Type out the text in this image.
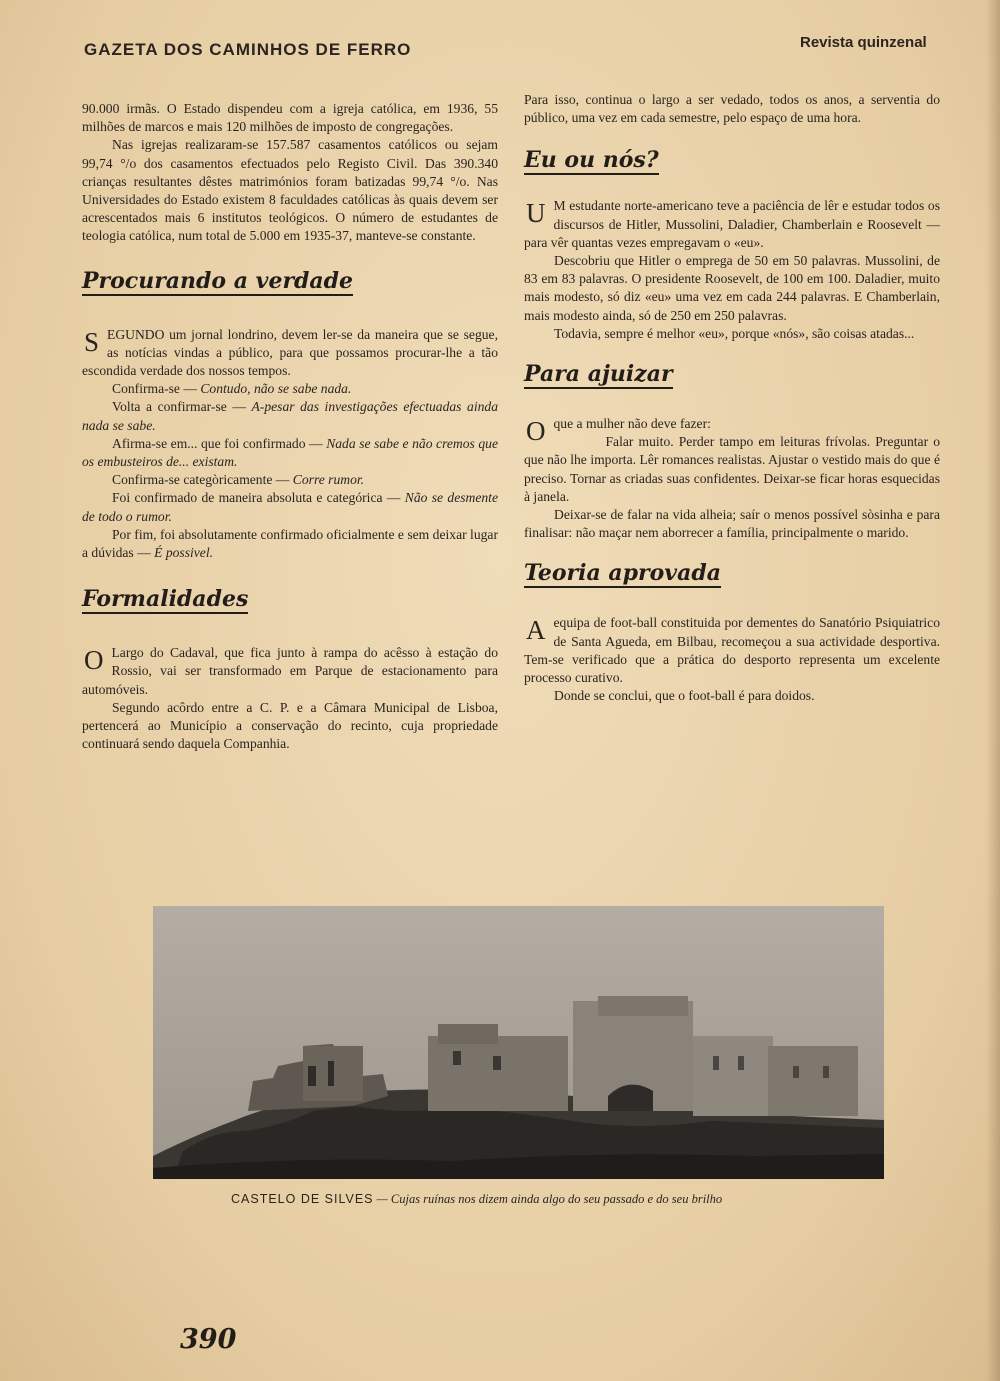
GAZETA DOS CAMINHOS DE FERRO	Revista quinzenal

90.000 irmãs. O Estado dispendeu com a igreja católica, em 1936, 55 milhões de marcos e mais 120 milhões de imposto de congregações.

Nas igrejas realizaram-se 157.587 casamentos católicos ou sejam 99,74 °/o dos casamentos efectuados pelo Registo Civil. Das 390.340 crianças resultantes dêstes matrimónios foram batizadas 99,74 °/o. Nas Universidades do Estado existem 8 faculdades católicas às quais devem ser acrescentados mais 6 institutos teológicos. O número de estudantes de teologia católica, num total de 5.000 em 1935-37, manteve-se constante.

Procurando a verdade

SEGUNDO um jornal londrino, devem ler-se da maneira que se segue, as notícias vindas a público, para que possamos procurar-lhe a tão escondida verdade dos nossos tempos.

Confirma-se — Contudo, não se sabe nada.

Volta a confirmar-se — A-pesar das investigações efectuadas ainda nada se sabe.

Afirma-se em... que foi confirmado — Nada se sabe e não cremos que os embusteiros de... existam.

Confirma-se categòricamente — Corre rumor.

Foi confirmado de maneira absoluta e categórica — Não se desmente de todo o rumor.

Por fim, foi absolutamente confirmado oficialmente e sem deixar lugar a dúvidas — É possivel.

Formalidades

O Largo do Cadaval, que fica junto à rampa do acêsso à estação do Rossio, vai ser transformado em Parque de estacionamento para automóveis.

Segundo acôrdo entre a C. P. e a Câmara Municipal de Lisboa, pertencerá ao Município a conservação do recinto, cuja propriedade continuará sendo daquela Companhia.

Para isso, continua o largo a ser vedado, todos os anos, a serventia do público, uma vez em cada semestre, pelo espaço de uma hora.

Eu ou nós?

U M estudante norte-americano teve a paciência de lêr e estudar todos os discursos de Hitler, Mussolini, Daladier, Chamberlain e Roosevelt — para vêr quantas vezes empregavam o «eu».

Descobriu que Hitler o emprega de 50 em 50 palavras. Mussolini, de 83 em 83 palavras. O presidente Roosevelt, de 100 em 100. Daladier, muito mais modesto, só diz «eu» uma vez em cada 244 palavras. E Chamberlain, mais modesto ainda, só de 250 em 250 palavras.

Todavia, sempre é melhor «eu», porque «nós», são coisas atadas...

Para ajuizar

Oque a mulher não deve fazer:

Falar muito. Perder tampo em leituras frívolas. Preguntar o que não lhe importa. Lêr romances realistas. Ajustar o vestido mais do que é preciso. Tornar as criadas suas confidentes. Deixar-se ficar horas esquecidas à janela.

Deixar-se de falar na vida alheia; saír o menos possível sòsinha e para finalisar: não maçar nem aborrecer a família, principalmente o marido.

Teoria aprovada

Aequipa de foot-ball constituida por dementes do Sanatório Psiquiatrico de Santa Agueda, em Bilbau, recomeçou a sua actividade desportiva. Tem-se verificado que a prática do desporto representa um excelente processo curativo.

Donde se conclui, que o foot-ball é para doidos.

CASTELO DE SILVES — Cujas ruínas nos dizem ainda algo do seu passado e do seu brilho
390
